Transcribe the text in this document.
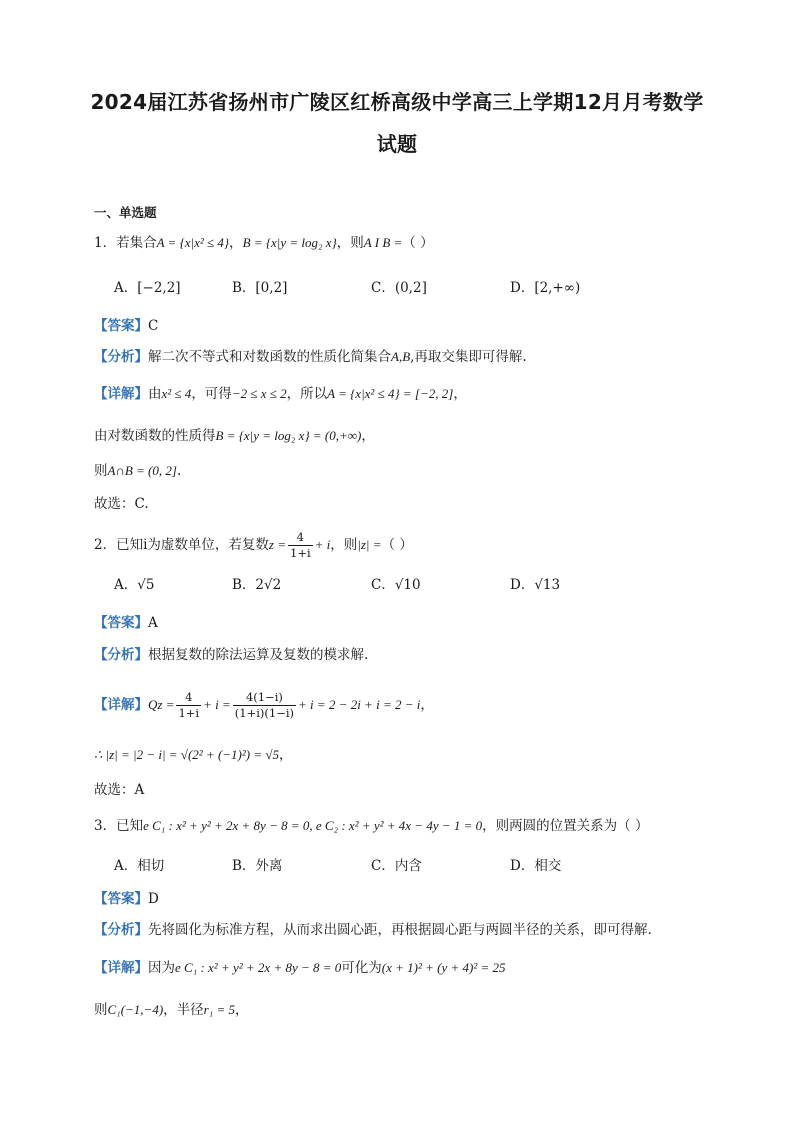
2024届江苏省扬州市广陵区红桥高级中学高三上学期12月月考数学
试题
一、单选题
1．若集合A = {x|x² ≤ 4}，B = {x|y = log₂ x}，则A I B =（ ）
A．[−2,2]	B．[0,2]	C．(0,2]	D．[2,+∞)
【答案】C
【分析】解二次不等式和对数函数的性质化简集合A,B,再取交集即可得解.
【详解】由x² ≤ 4，可得−2 ≤ x ≤ 2，所以A = {x|x² ≤ 4} = [−2, 2]，
由对数函数的性质得B = {x|y = log₂ x} = (0,+∞)，
则A∩B = (0, 2].
故选：C.
2．已知i为虚数单位，若复数$z = \frac{4}{1+i} + i$，则|z| =（ ）
A．√5	B．2√2	C．√10	D．√13
【答案】A
【分析】根据复数的除法运算及复数的模求解.
【详解】$Qz = \frac{4}{1+i} + i = \frac{4(1-i)}{(1+i)(1-i)} + i = 2 - 2i + i = 2 - i$，
∴ |z| = |2 − i| = √(2² + (−1)²) = √5，
故选：A
3．已知e C₁ : x² + y² + 2x + 8y − 8 = 0, e C₂ : x² + y² + 4x − 4y − 1 = 0，则两圆的位置关系为（ ）
A．相切	B．外离	C．内含	D．相交
【答案】D
【分析】先将圆化为标准方程，从而求出圆心距，再根据圆心距与两圆半径的关系，即可得解.
【详解】因为e C₁ : x² + y² + 2x + 8y − 8 = 0可化为(x + 1)² + (y + 4)² = 25
则C₁(−1,−4)，半径r₁ = 5，
